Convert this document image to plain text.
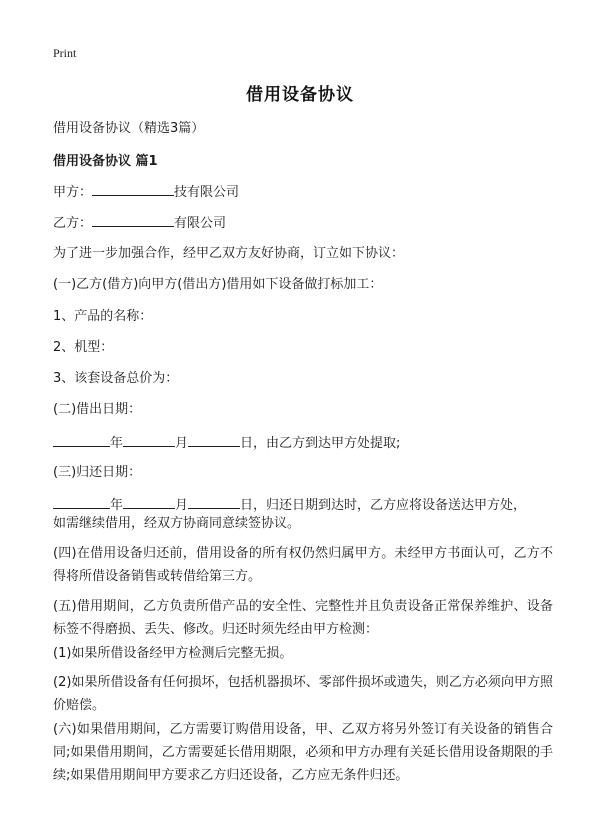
Print
借用设备协议
借用设备协议（精选3篇）
借用设备协议 篇1
甲方：	技有限公司
乙方：	有限公司
为了进一步加强合作，经甲乙双方友好协商，订立如下协议：
(一)乙方(借方)向甲方(借出方)借用如下设备做打标加工：
1、产品的名称：
2、机型：
3、该套设备总价为：
(二)借出日期：
年	月	日，由乙方到达甲方处提取;
(三)归还日期：
年	月	日，归还日期到达时，乙方应将设备送达甲方处，
如需继续借用，经双方协商同意续签协议。
(四)在借用设备归还前，借用设备的所有权仍然归属甲方。未经甲方书面认可，乙方不得将所借设备销售或转借给第三方。
(五)借用期间，乙方负责所借产品的安全性、完整性并且负责设备正常保养维护、设备标签不得磨损、丢失、修改。归还时须先经由甲方检测：
(1)如果所借设备经甲方检测后完整无损。
(2)如果所借设备有任何损坏，包括机器损坏、零部件损坏或遗失，则乙方必须向甲方照价赔偿。
(六)如果借用期间，乙方需要订购借用设备，甲、乙双方将另外签订有关设备的销售合同;如果借用期间，乙方需要延长借用期限，必须和甲方办理有关延长借用设备期限的手续;如果借用期间甲方要求乙方归还设备，乙方应无条件归还。
